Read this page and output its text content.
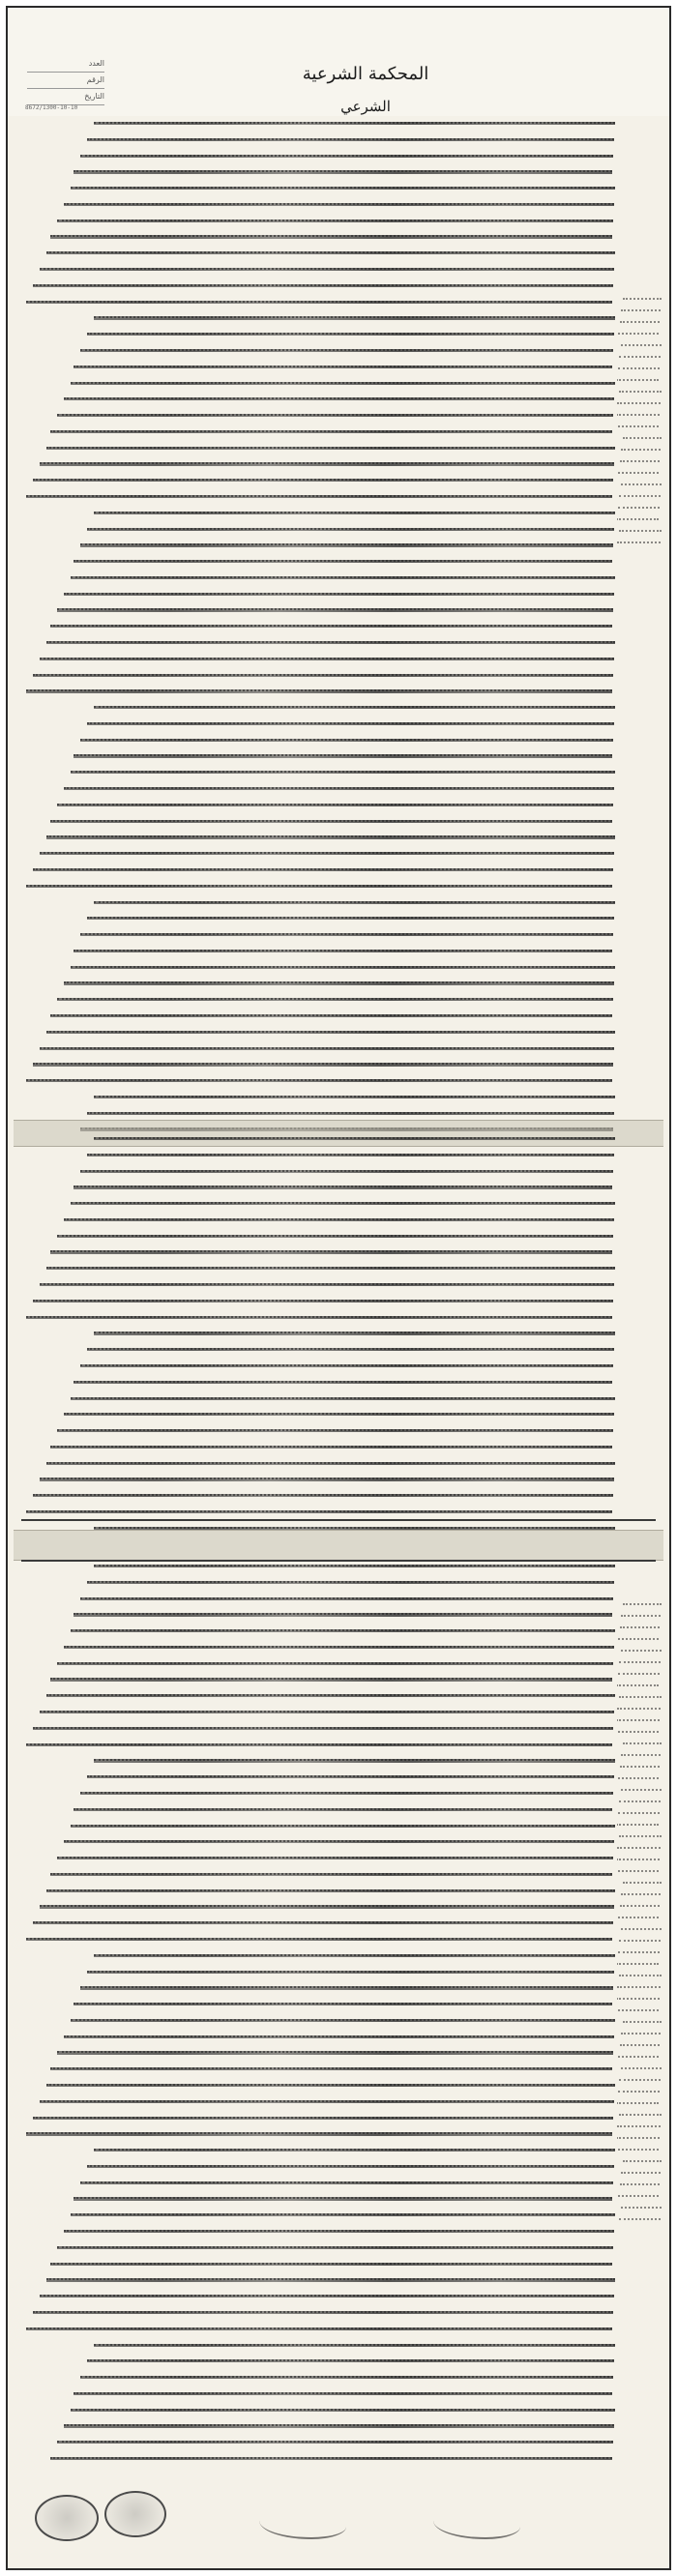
المحكمة الشرعية
الشرعي
العدد
الرقم
التاريخ
8672/1300-10-10
